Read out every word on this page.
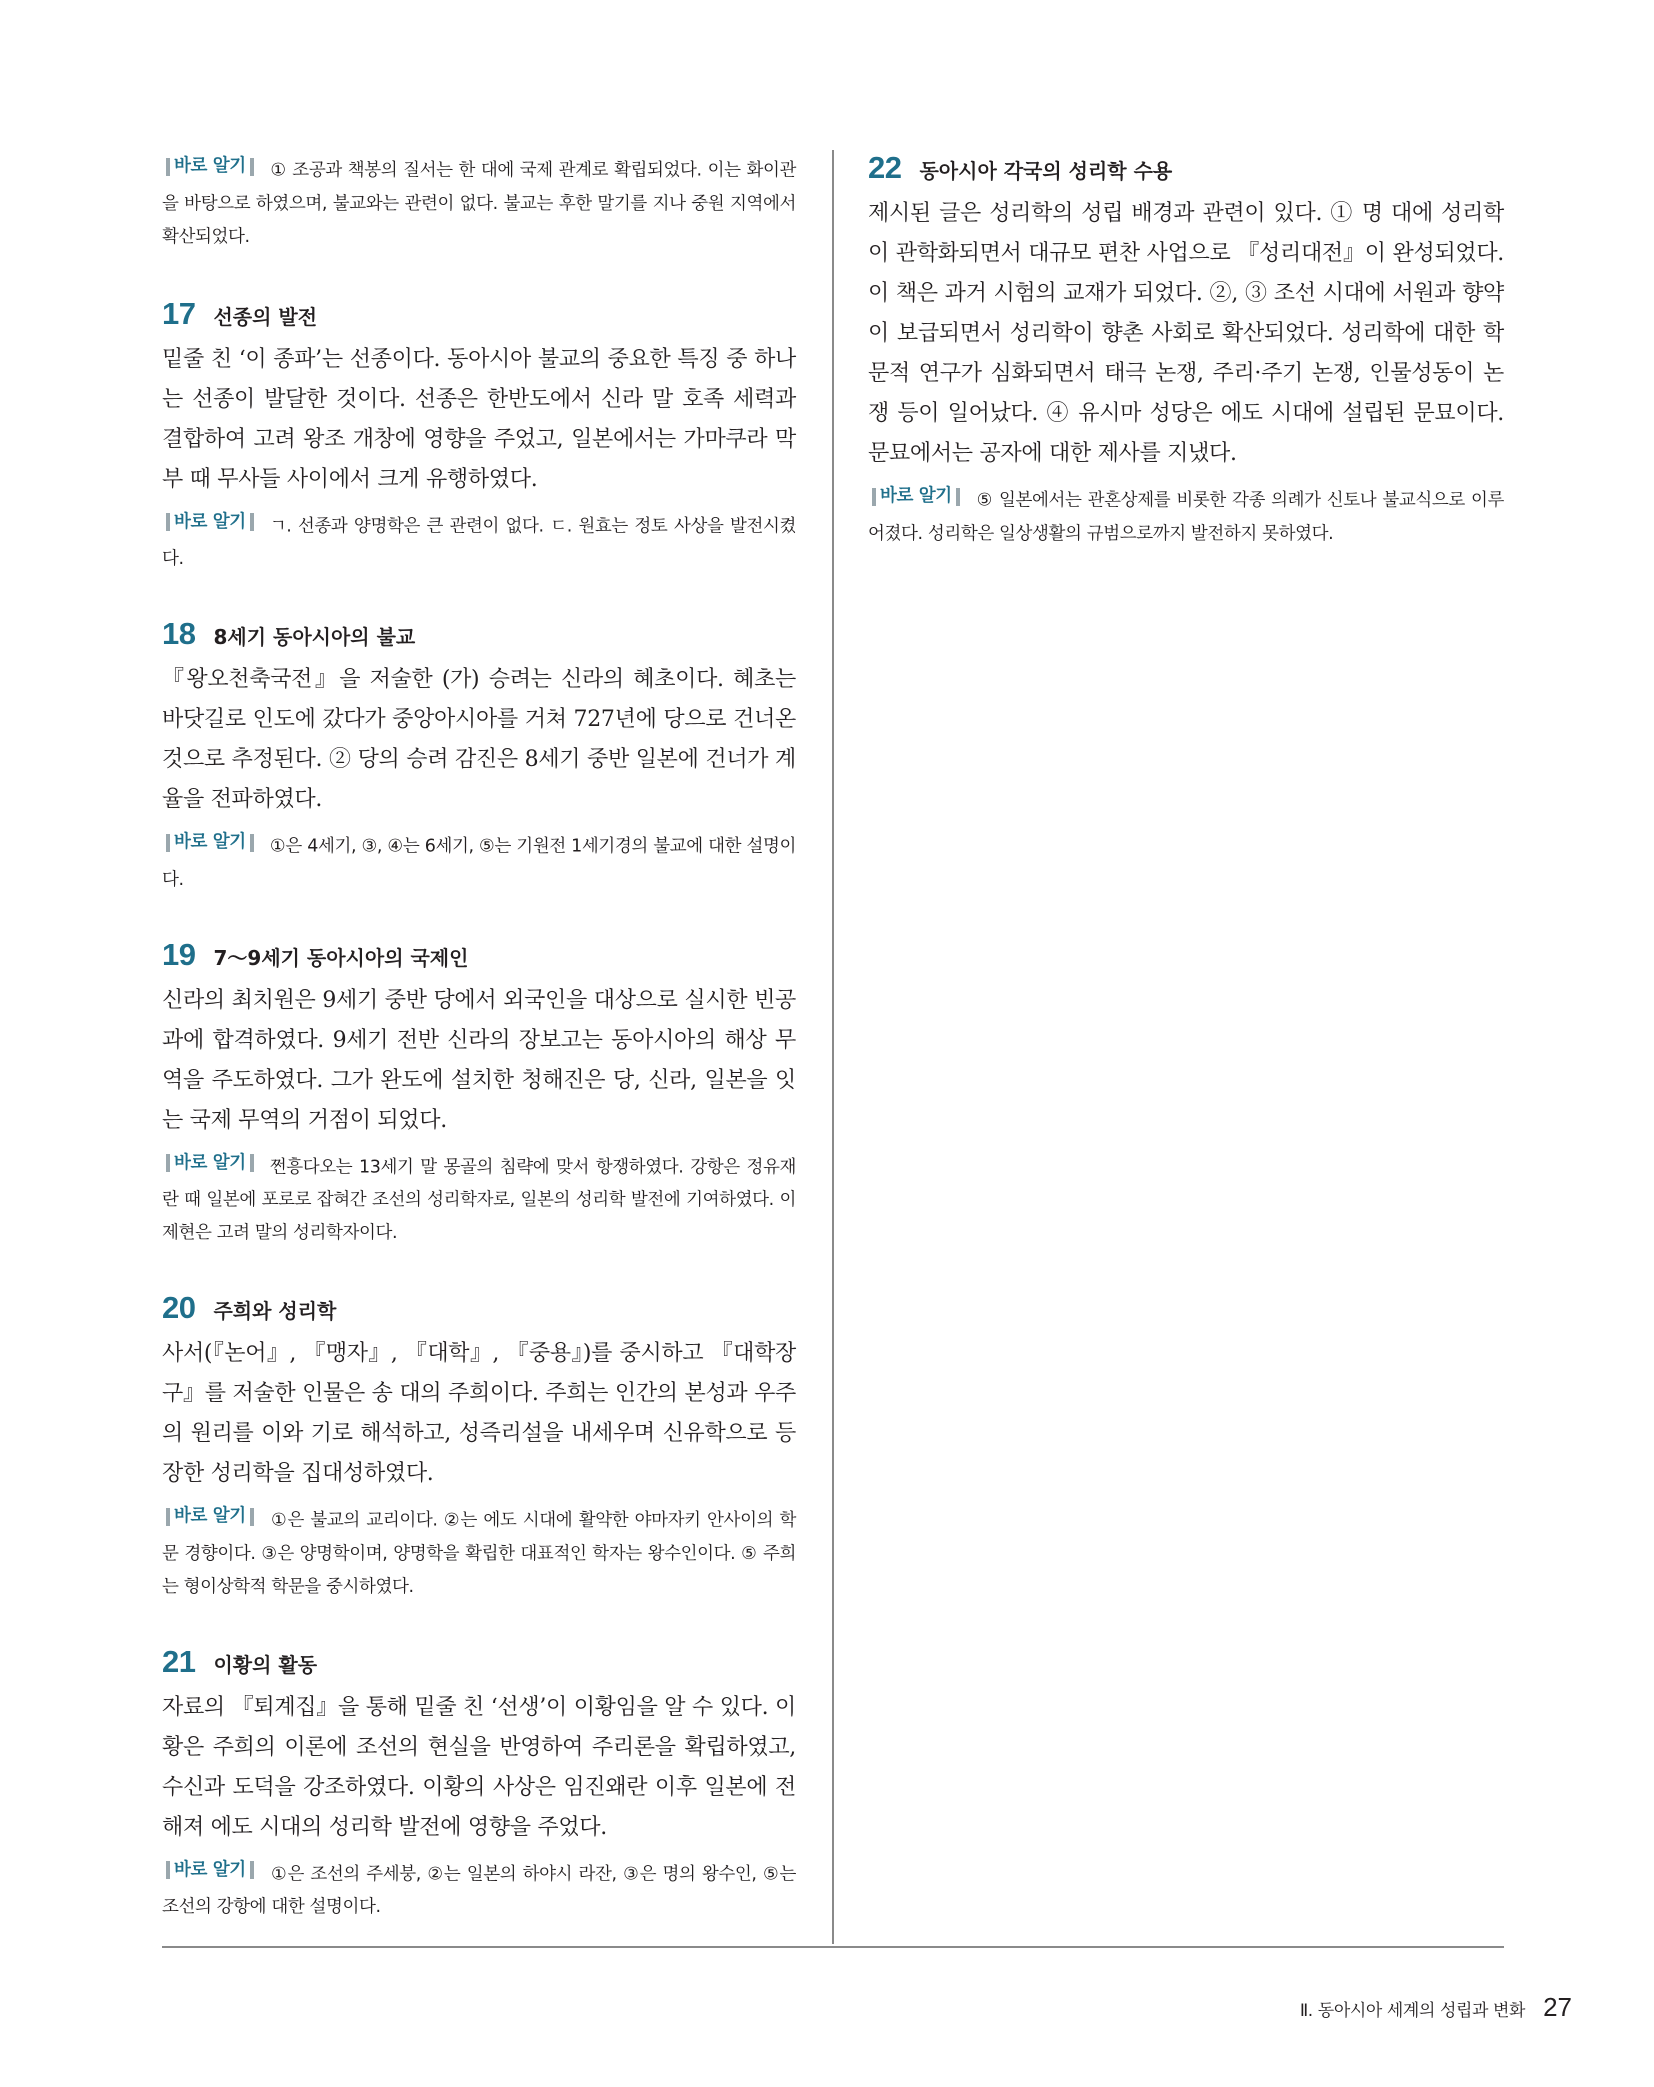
바로 알기 ① 조공과 책봉의 질서는 한 대에 국제 관계로 확립되었다. 이는 화이관을 바탕으로 하였으며, 불교와는 관련이 없다. 불교는 후한 말기를 지나 중원 지역에서 확산되었다.

17 선종의 발전

밑줄 친 ‘이 종파’는 선종이다. 동아시아 불교의 중요한 특징 중 하나는 선종이 발달한 것이다. 선종은 한반도에서 신라 말 호족 세력과 결합하여 고려 왕조 개창에 영향을 주었고, 일본에서는 가마쿠라 막부 때 무사들 사이에서 크게 유행하였다.

바로 알기 ㄱ. 선종과 양명학은 큰 관련이 없다. ㄷ. 원효는 정토 사상을 발전시켰다.

18 8세기 동아시아의 불교

『왕오천축국전』을 저술한 (가) 승려는 신라의 혜초이다. 혜초는 바닷길로 인도에 갔다가 중앙아시아를 거쳐 727년에 당으로 건너온 것으로 추정된다. ② 당의 승려 감진은 8세기 중반 일본에 건너가 계율을 전파하였다.

바로 알기 ①은 4세기, ③, ④는 6세기, ⑤는 기원전 1세기경의 불교에 대한 설명이다.

19 7～9세기 동아시아의 국제인

신라의 최치원은 9세기 중반 당에서 외국인을 대상으로 실시한 빈공과에 합격하였다. 9세기 전반 신라의 장보고는 동아시아의 해상 무역을 주도하였다. 그가 완도에 설치한 청해진은 당, 신라, 일본을 잇는 국제 무역의 거점이 되었다.

바로 알기 쩐흥다오는 13세기 말 몽골의 침략에 맞서 항쟁하였다. 강항은 정유재란 때 일본에 포로로 잡혀간 조선의 성리학자로, 일본의 성리학 발전에 기여하였다. 이제현은 고려 말의 성리학자이다.

20 주희와 성리학

사서(『논어』, 『맹자』, 『대학』, 『중용』)를 중시하고 『대학장구』를 저술한 인물은 송 대의 주희이다. 주희는 인간의 본성과 우주의 원리를 이와 기로 해석하고, 성즉리설을 내세우며 신유학으로 등장한 성리학을 집대성하였다.

바로 알기 ①은 불교의 교리이다. ②는 에도 시대에 활약한 야마자키 안사이의 학문 경향이다. ③은 양명학이며, 양명학을 확립한 대표적인 학자는 왕수인이다. ⑤ 주희는 형이상학적 학문을 중시하였다.

21 이황의 활동

자료의 『퇴계집』을 통해 밑줄 친 ‘선생’이 이황임을 알 수 있다. 이황은 주희의 이론에 조선의 현실을 반영하여 주리론을 확립하였고, 수신과 도덕을 강조하였다. 이황의 사상은 임진왜란 이후 일본에 전해져 에도 시대의 성리학 발전에 영향을 주었다.

바로 알기 ①은 조선의 주세붕, ②는 일본의 하야시 라잔, ③은 명의 왕수인, ⑤는 조선의 강항에 대한 설명이다.

22 동아시아 각국의 성리학 수용

제시된 글은 성리학의 성립 배경과 관련이 있다. ① 명 대에 성리학이 관학화되면서 대규모 편찬 사업으로 『성리대전』이 완성되었다. 이 책은 과거 시험의 교재가 되었다. ②, ③ 조선 시대에 서원과 향약이 보급되면서 성리학이 향촌 사회로 확산되었다. 성리학에 대한 학문적 연구가 심화되면서 태극 논쟁, 주리·주기 논쟁, 인물성동이 논쟁 등이 일어났다. ④ 유시마 성당은 에도 시대에 설립된 문묘이다. 문묘에서는 공자에 대한 제사를 지냈다.

바로 알기 ⑤ 일본에서는 관혼상제를 비롯한 각종 의례가 신토나 불교식으로 이루어졌다. 성리학은 일상생활의 규범으로까지 발전하지 못하였다.

Ⅱ. 동아시아 세계의 성립과 변화 27
